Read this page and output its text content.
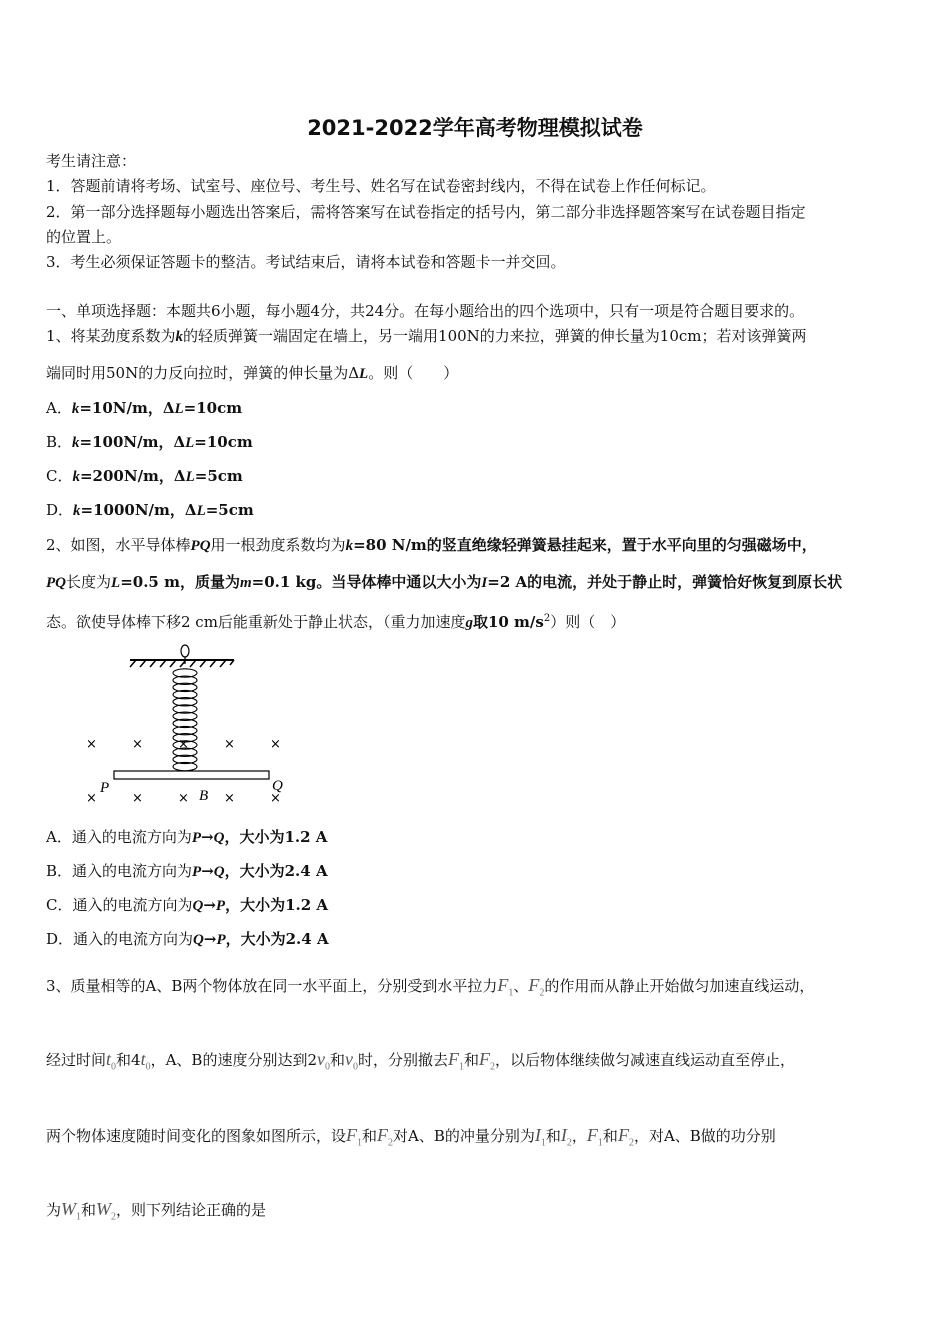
2021-2022学年高考物理模拟试卷
考生请注意：
1．答题前请将考场、试室号、座位号、考生号、姓名写在试卷密封线内，不得在试卷上作任何标记。
2．第一部分选择题每小题选出答案后，需将答案写在试卷指定的括号内，第二部分非选择题答案写在试卷题目指定
的位置上。
3．考生必须保证答题卡的整洁。考试结束后，请将本试卷和答题卡一并交回。
一、单项选择题：本题共6小题，每小题4分，共24分。在每小题给出的四个选项中，只有一项是符合题目要求的。
1、将某劲度系数为k的轻质弹簧一端固定在墙上，另一端用100N的力来拉，弹簧的伸长量为10cm；若对该弹簧两
端同时用50N的力反向拉时，弹簧的伸长量为ΔL。则（　　）
A．k=10N/m，ΔL=10cm
B．k=100N/m，ΔL=10cm
C．k=200N/m，ΔL=5cm
D．k=1000N/m，ΔL=5cm
2、如图，水平导体棒PQ用一根劲度系数均为k=80 N/m的竖直绝缘轻弹簧悬挂起来，置于水平向里的匀强磁场中，
PQ长度为L=0.5 m，质量为m=0.1 kg。当导体棒中通以大小为I=2 A的电流，并处于静止时，弹簧恰好恢复到原长状
态。欲使导体棒下移2 cm后能重新处于静止状态，（重力加速度g取10 $m/s^2$）则（　）
×	×	×	×	×
×	×	×	×	×
P	Q
B
A．通入的电流方向为P→Q，大小为1.2 A
B．通入的电流方向为P→Q，大小为2.4 A
C．通入的电流方向为Q→P，大小为1.2 A
D．通入的电流方向为Q→P，大小为2.4 A
3、质量相等的A、B两个物体放在同一水平面上，分别受到水平拉力$F_1$、$F_2$的作用而从静止开始做匀加速直线运动，
经过时间$t_0$和$4t_0$，A、B的速度分别达到$2v_0$和$v_0$时，分别撤去$F_1$和$F_2$，以后物体继续做匀减速直线运动直至停止，
两个物体速度随时间变化的图象如图所示，设$F_1$和$F_2$对A、B的冲量分别为$I_1$和$I_2$，$F_1$和$F_2$，对A、B做的功分别
为$W_1$和$W_2$，则下列结论正确的是
